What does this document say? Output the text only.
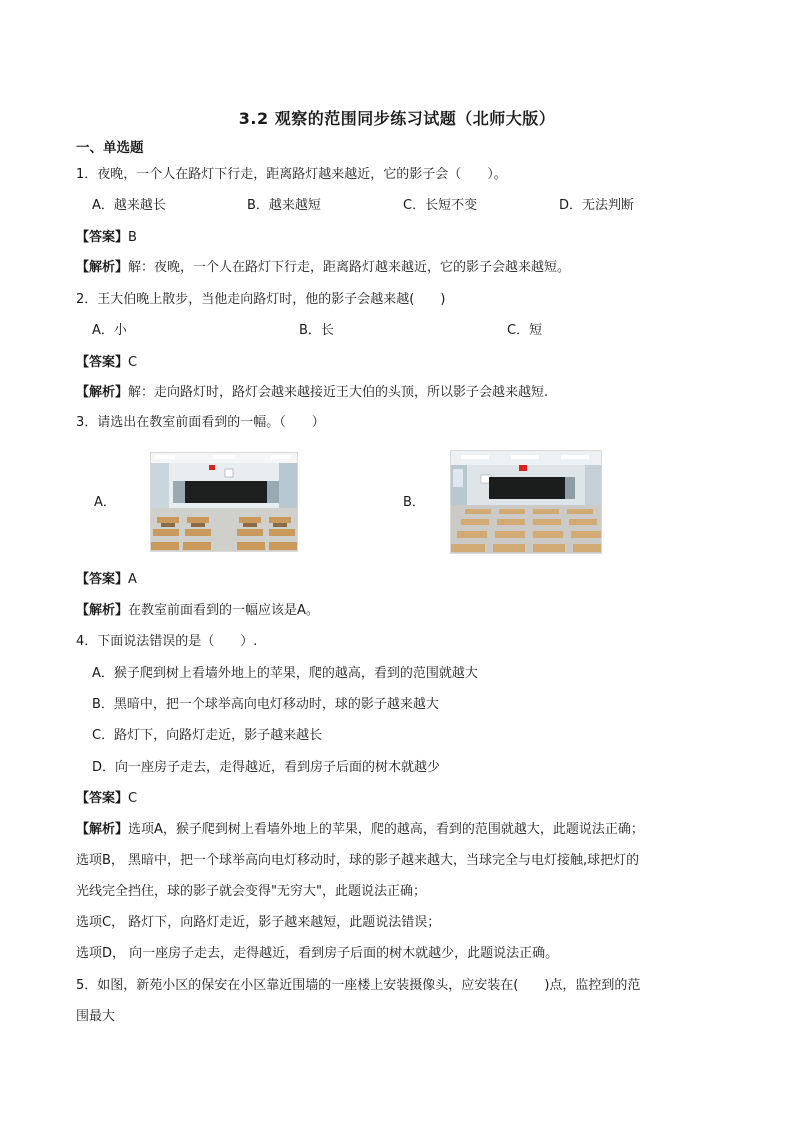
3.2 观察的范围同步练习试题（北师大版）
一、单选题
1．夜晚，一个人在路灯下行走，距离路灯越来越近，它的影子会（　　）。
A．越来越长	B．越来越短	C．长短不变	D．无法判断
【答案】B
【解析】解：夜晚，一个人在路灯下行走，距离路灯越来越近，它的影子会越来越短。
2．王大伯晚上散步，当他走向路灯时，他的影子会越来越(　　)
A．小	B．长	C．短
【答案】C
【解析】解：走向路灯时，路灯会越来越接近王大伯的头顶，所以影子会越来越短.
3．请选出在教室前面看到的一幅。（　　）
A．	B．
【答案】A
【解析】在教室前面看到的一幅应该是A。
4．下面说法错误的是（　　）.
A．猴子爬到树上看墙外地上的苹果，爬的越高，看到的范围就越大
B．黑暗中，把一个球举高向电灯移动时，球的影子越来越大
C．路灯下，向路灯走近，影子越来越长
D．向一座房子走去，走得越近，看到房子后面的树木就越少
【答案】C
【解析】选项A，猴子爬到树上看墙外地上的苹果，爬的越高，看到的范围就越大，此题说法正确；
选项B， 黑暗中，把一个球举高向电灯移动时，球的影子越来越大，当球完全与电灯接触,球把灯的
光线完全挡住，球的影子就会变得"无穷大"，此题说法正确；
选项C， 路灯下，向路灯走近，影子越来越短，此题说法错误；
选项D， 向一座房子走去，走得越近，看到房子后面的树木就越少，此题说法正确。
5．如图，新苑小区的保安在小区靠近围墙的一座楼上安装摄像头，应安装在(　　)点，监控到的范
围最大
